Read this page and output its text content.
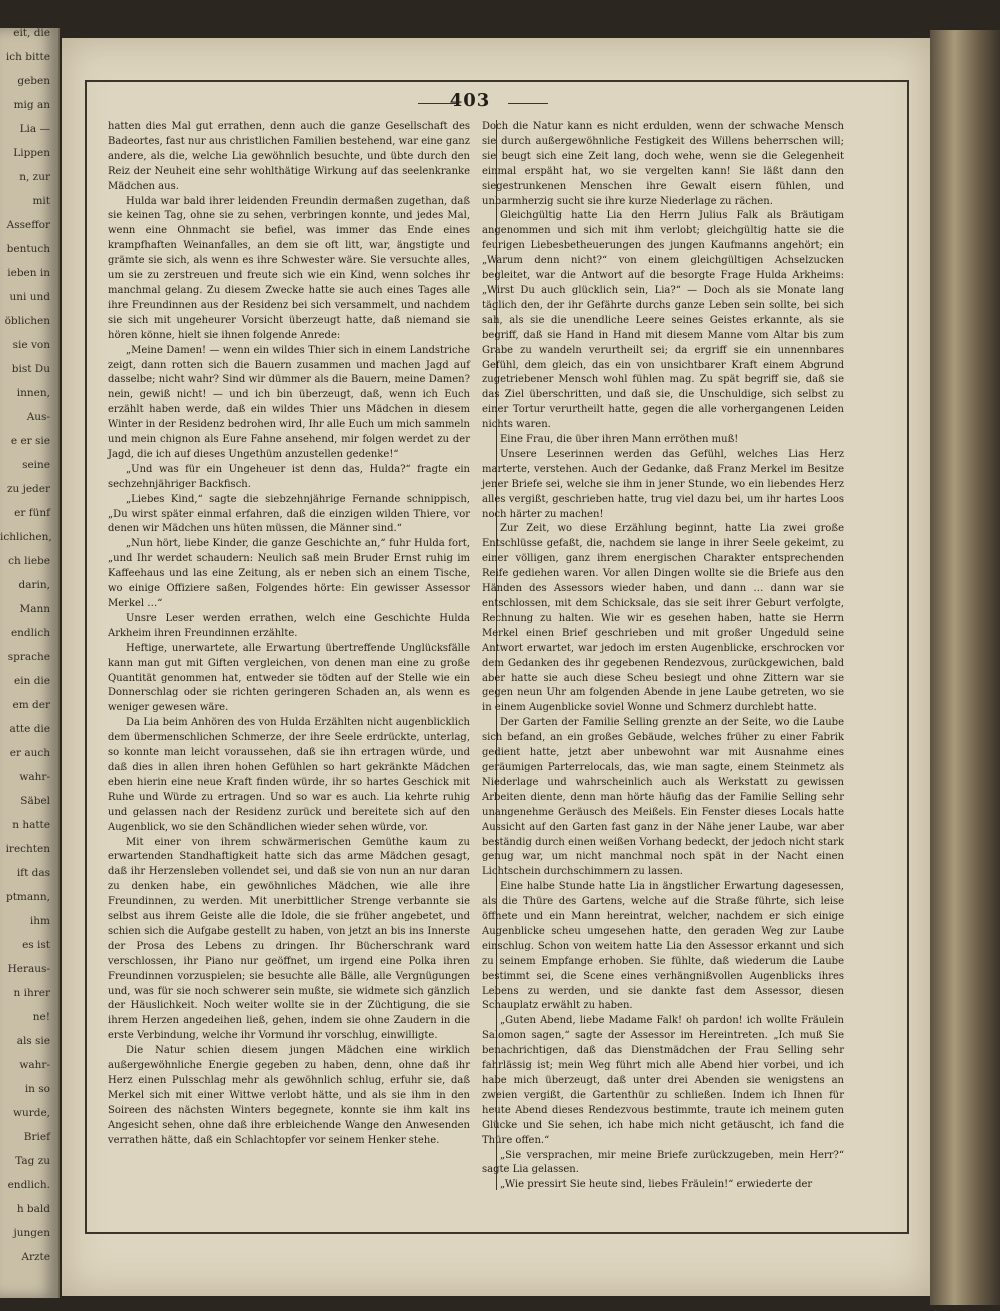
eit, die
ich bitte
geben
mig an
Lia —
Lippen
n, zur
mit
Asseffor
bentuch
ieben in
uni und
öblichen
sie von
bist Du
innen,
Aus-
e er sie
seine
zu jeder
er fünf
ichlichen,
ch liebe
darin,
Mann
endlich
sprache
ein die
em der
atte die
er auch
wahr-
Säbel
n hatte
irechten
ift das
ptmann,
ihm
es ist
Heraus-
n ihrer
ne!
als sie
wahr-
in so
wurde,
Brief
Tag zu
endlich.
h bald
jungen
Ärzte
403

hatten dies Mal gut errathen, denn auch die ganze Gesellschaft des Badeortes, fast nur aus christlichen Familien bestehend, war eine ganz andere, als die, welche Lia gewöhnlich besuchte, und übte durch den Reiz der Neuheit eine sehr wohlthätige Wirkung auf das seelenkranke Mädchen aus.

Hulda war bald ihrer leidenden Freundin dermaßen zugethan, daß sie keinen Tag, ohne sie zu sehen, verbringen konnte, und jedes Mal, wenn eine Ohnmacht sie befiel, was immer das Ende eines krampfhaften Weinanfalles, an dem sie oft litt, war, ängstigte und grämte sie sich, als wenn es ihre Schwester wäre. Sie versuchte alles, um sie zu zerstreuen und freute sich wie ein Kind, wenn solches ihr manchmal gelang. Zu diesem Zwecke hatte sie auch eines Tages alle ihre Freundinnen aus der Residenz bei sich versammelt, und nachdem sie sich mit ungeheurer Vorsicht überzeugt hatte, daß niemand sie hören könne, hielt sie ihnen folgende Anrede:

„Meine Damen! — wenn ein wildes Thier sich in einem Landstriche zeigt, dann rotten sich die Bauern zusammen und machen Jagd auf dasselbe; nicht wahr? Sind wir dümmer als die Bauern, meine Damen? nein, gewiß nicht! — und ich bin überzeugt, daß, wenn ich Euch erzählt haben werde, daß ein wildes Thier uns Mädchen in diesem Winter in der Residenz bedrohen wird, Ihr alle Euch um mich sammeln und mein chignon als Eure Fahne ansehend, mir folgen werdet zu der Jagd, die ich auf dieses Ungethüm anzustellen gedenke!“

„Und was für ein Ungeheuer ist denn das, Hulda?“ fragte ein sechzehnjähriger Backfisch.

„Liebes Kind,“ sagte die siebzehnjährige Fernande schnippisch, „Du wirst später einmal erfahren, daß die einzigen wilden Thiere, vor denen wir Mädchen uns hüten müssen, die Männer sind.“

„Nun hört, liebe Kinder, die ganze Geschichte an,“ fuhr Hulda fort, „und Ihr werdet schaudern: Neulich saß mein Bruder Ernst ruhig im Kaffeehaus und las eine Zeitung, als er neben sich an einem Tische, wo einige Offiziere saßen, Folgendes hörte: Ein gewisser Assessor Merkel …“

Unsre Leser werden errathen, welch eine Geschichte Hulda Arkheim ihren Freundinnen erzählte.

Heftige, unerwartete, alle Erwartung übertreffende Unglücksfälle kann man gut mit Giften vergleichen, von denen man eine zu große Quantität genommen hat, entweder sie tödten auf der Stelle wie ein Donnerschlag oder sie richten geringeren Schaden an, als wenn es weniger gewesen wäre.

Da Lia beim Anhören des von Hulda Erzählten nicht augenblicklich dem übermenschlichen Schmerze, der ihre Seele erdrückte, unterlag, so konnte man leicht voraussehen, daß sie ihn ertragen würde, und daß dies in allen ihren hohen Gefühlen so hart gekränkte Mädchen eben hierin eine neue Kraft finden würde, ihr so hartes Geschick mit Ruhe und Würde zu ertragen. Und so war es auch. Lia kehrte ruhig und gelassen nach der Residenz zurück und bereitete sich auf den Augenblick, wo sie den Schändlichen wieder sehen würde, vor.

Mit einer von ihrem schwärmerischen Gemüthe kaum zu erwartenden Standhaftigkeit hatte sich das arme Mädchen gesagt, daß ihr Herzensleben vollendet sei, und daß sie von nun an nur daran zu denken habe, ein gewöhnliches Mädchen, wie alle ihre Freundinnen, zu werden. Mit unerbittlicher Strenge verbannte sie selbst aus ihrem Geiste alle die Idole, die sie früher angebetet, und schien sich die Aufgabe gestellt zu haben, von jetzt an bis ins Innerste der Prosa des Lebens zu dringen. Ihr Bücherschrank ward verschlossen, ihr Piano nur geöffnet, um irgend eine Polka ihren Freundinnen vorzuspielen; sie besuchte alle Bälle, alle Vergnügungen und, was für sie noch schwerer sein mußte, sie widmete sich gänzlich der Häuslichkeit. Noch weiter wollte sie in der Züchtigung, die sie ihrem Herzen angedeihen ließ, gehen, indem sie ohne Zaudern in die erste Verbindung, welche ihr Vormund ihr vorschlug, einwilligte.

Die Natur schien diesem jungen Mädchen eine wirklich außergewöhnliche Energie gegeben zu haben, denn, ohne daß ihr Herz einen Pulsschlag mehr als gewöhnlich schlug, erfuhr sie, daß Merkel sich mit einer Wittwe verlobt hätte, und als sie ihm in den Soireen des nächsten Winters begegnete, konnte sie ihm kalt ins Angesicht sehen, ohne daß ihre erbleichende Wange den Anwesenden verrathen hätte, daß ein Schlachtopfer vor seinem Henker stehe.

Doch die Natur kann es nicht erdulden, wenn der schwache Mensch sie durch außergewöhnliche Festigkeit des Willens beherrschen will; sie beugt sich eine Zeit lang, doch wehe, wenn sie die Gelegenheit einmal erspäht hat, wo sie vergelten kann! Sie läßt dann den siegestrunkenen Menschen ihre Gewalt eisern fühlen, und unbarmherzig sucht sie ihre kurze Niederlage zu rächen.

Gleichgültig hatte Lia den Herrn Julius Falk als Bräutigam angenommen und sich mit ihm verlobt; gleichgültig hatte sie die feurigen Liebesbetheuerungen des jungen Kaufmanns angehört; ein „Warum denn nicht?“ von einem gleichgültigen Achselzucken begleitet, war die Antwort auf die besorgte Frage Hulda Arkheims: „Wirst Du auch glücklich sein, Lia?“ — Doch als sie Monate lang täglich den, der ihr Gefährte durchs ganze Leben sein sollte, bei sich sah, als sie die unendliche Leere seines Geistes erkannte, als sie begriff, daß sie Hand in Hand mit diesem Manne vom Altar bis zum Grabe zu wandeln verurtheilt sei; da ergriff sie ein unnennbares Gefühl, dem gleich, das ein von unsichtbarer Kraft einem Abgrund zugetriebener Mensch wohl fühlen mag. Zu spät begriff sie, daß sie das Ziel überschritten, und daß sie, die Unschuldige, sich selbst zu einer Tortur verurtheilt hatte, gegen die alle vorhergangenen Leiden nichts waren.

Eine Frau, die über ihren Mann erröthen muß!

Unsere Leserinnen werden das Gefühl, welches Lias Herz marterte, verstehen. Auch der Gedanke, daß Franz Merkel im Besitze jener Briefe sei, welche sie ihm in jener Stunde, wo ein liebendes Herz alles vergißt, geschrieben hatte, trug viel dazu bei, um ihr hartes Loos noch härter zu machen!

Zur Zeit, wo diese Erzählung beginnt, hatte Lia zwei große Entschlüsse gefaßt, die, nachdem sie lange in ihrer Seele gekeimt, zu einer völligen, ganz ihrem energischen Charakter entsprechenden Reife gediehen waren. Vor allen Dingen wollte sie die Briefe aus den Händen des Assessors wieder haben, und dann … dann war sie entschlossen, mit dem Schicksale, das sie seit ihrer Geburt verfolgte, Rechnung zu halten. Wie wir es gesehen haben, hatte sie Herrn Merkel einen Brief geschrieben und mit großer Ungeduld seine Antwort erwartet, war jedoch im ersten Augenblicke, erschrocken vor dem Gedanken des ihr gegebenen Rendezvous, zurückgewichen, bald aber hatte sie auch diese Scheu besiegt und ohne Zittern war sie gegen neun Uhr am folgenden Abende in jene Laube getreten, wo sie in einem Augenblicke soviel Wonne und Schmerz durchlebt hatte.

Der Garten der Familie Selling grenzte an der Seite, wo die Laube sich befand, an ein großes Gebäude, welches früher zu einer Fabrik gedient hatte, jetzt aber unbewohnt war mit Ausnahme eines geräumigen Parterrelocals, das, wie man sagte, einem Steinmetz als Niederlage und wahrscheinlich auch als Werkstatt zu gewissen Arbeiten diente, denn man hörte häufig das der Familie Selling sehr unangenehme Geräusch des Meißels. Ein Fenster dieses Locals hatte Aussicht auf den Garten fast ganz in der Nähe jener Laube, war aber beständig durch einen weißen Vorhang bedeckt, der jedoch nicht stark genug war, um nicht manchmal noch spät in der Nacht einen Lichtschein durchschimmern zu lassen.

Eine halbe Stunde hatte Lia in ängstlicher Erwartung dagesessen, als die Thüre des Gartens, welche auf die Straße führte, sich leise öffnete und ein Mann hereintrat, welcher, nachdem er sich einige Augenblicke scheu umgesehen hatte, den geraden Weg zur Laube einschlug. Schon von weitem hatte Lia den Assessor erkannt und sich zu seinem Empfange erhoben. Sie fühlte, daß wiederum die Laube bestimmt sei, die Scene eines verhängnißvollen Augenblicks ihres Lebens zu werden, und sie dankte fast dem Assessor, diesen Schauplatz erwählt zu haben.

„Guten Abend, liebe Madame Falk! oh pardon! ich wollte Fräulein Salomon sagen,“ sagte der Assessor im Hereintreten. „Ich muß Sie benachrichtigen, daß das Dienstmädchen der Frau Selling sehr fahrlässig ist; mein Weg führt mich alle Abend hier vorbei, und ich habe mich überzeugt, daß unter drei Abenden sie wenigstens an zweien vergißt, die Gartenthür zu schließen. Indem ich Ihnen für heute Abend dieses Rendezvous bestimmte, traute ich meinem guten Glücke und Sie sehen, ich habe mich nicht getäuscht, ich fand die Thüre offen.“

„Sie versprachen, mir meine Briefe zurückzugeben, mein Herr?“ sagte Lia gelassen.

„Wie pressirt Sie heute sind, liebes Fräulein!“ erwiederte der
